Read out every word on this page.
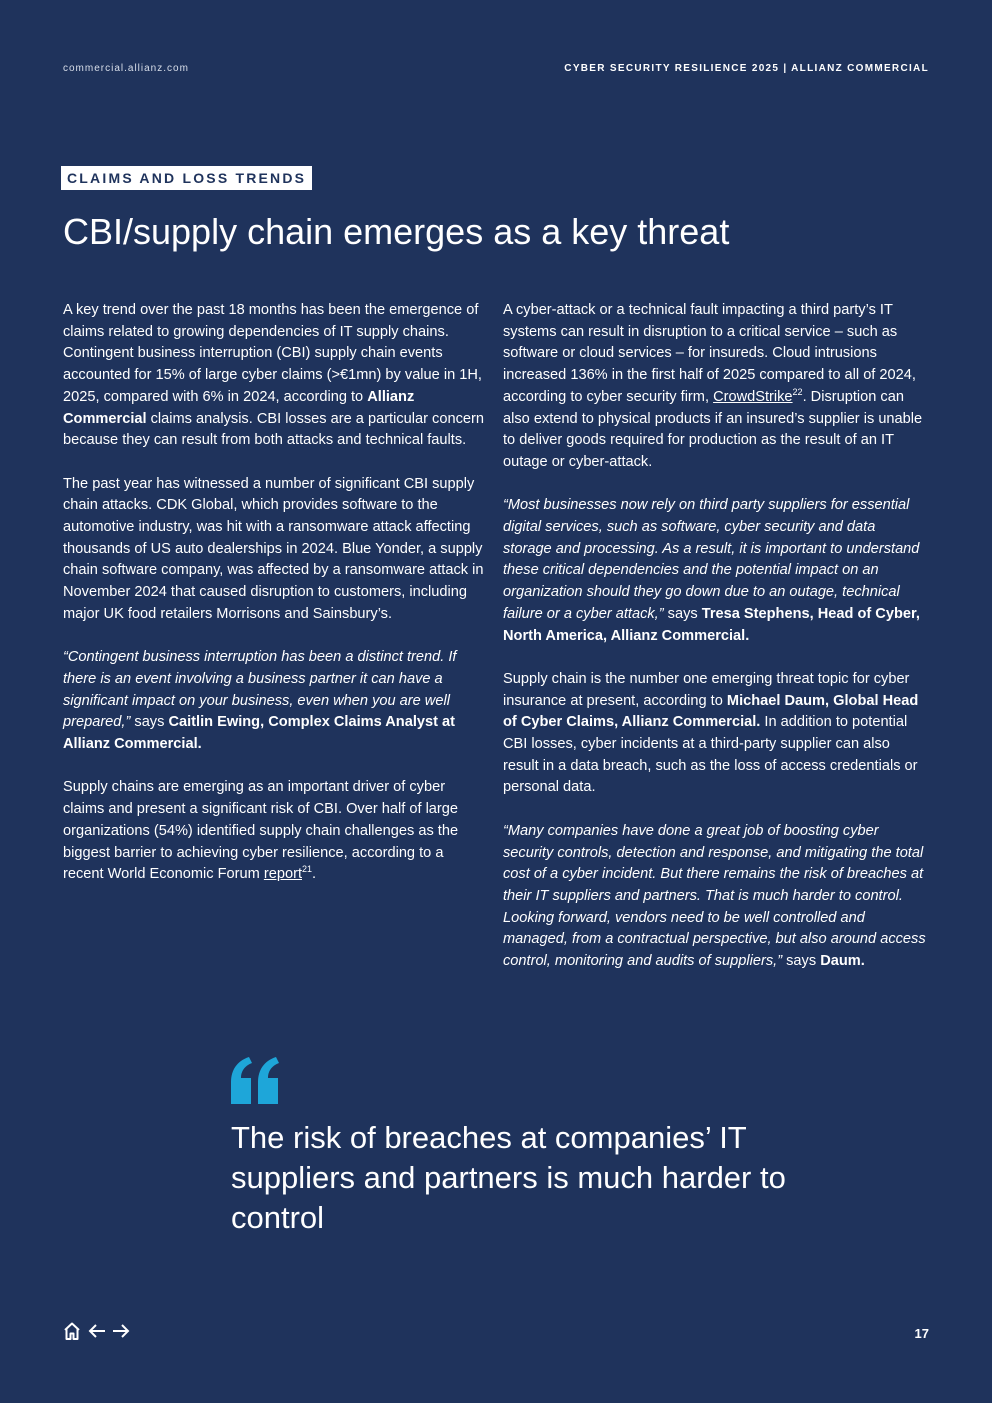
commercial.allianz.com	CYBER SECURITY RESILIENCE 2025 | ALLIANZ COMMERCIAL
CLAIMS AND LOSS TRENDS
CBI/supply chain emerges as a key threat

A key trend over the past 18 months has been the emergence of claims related to growing dependencies of IT supply chains. Contingent business interruption (CBI) supply chain events accounted for 15% of large cyber claims (>€1mn) by value in 1H, 2025, compared with 6% in 2024, according to Allianz Commercial claims analysis. CBI losses are a particular concern because they can result from both attacks and technical faults.

The past year has witnessed a number of significant CBI supply chain attacks. CDK Global, which provides software to the automotive industry, was hit with a ransomware attack affecting thousands of US auto dealerships in 2024. Blue Yonder, a supply chain software company, was affected by a ransomware attack in November 2024 that caused disruption to customers, including major UK food retailers Morrisons and Sainsbury’s.

“Contingent business interruption has been a distinct trend. If there is an event involving a business partner it can have a significant impact on your business, even when you are well prepared,” says Caitlin Ewing, Complex Claims Analyst at Allianz Commercial.

Supply chains are emerging as an important driver of cyber claims and present a significant risk of CBI. Over half of large organizations (54%) identified supply chain challenges as the biggest barrier to achieving cyber resilience, according to a recent World Economic Forum report$^{21}$.

A cyber-attack or a technical fault impacting a third party’s IT systems can result in disruption to a critical service – such as software or cloud services – for insureds. Cloud intrusions increased 136% in the first half of 2025 compared to all of 2024, according to cyber security firm, CrowdStrike$^{22}$. Disruption can also extend to physical products if an insured’s supplier is unable to deliver goods required for production as the result of an IT outage or cyber-attack.

“Most businesses now rely on third party suppliers for essential digital services, such as software, cyber security and data storage and processing. As a result, it is important to understand these critical dependencies and the potential impact on an organization should they go down due to an outage, technical failure or a cyber attack,” says Tresa Stephens, Head of Cyber, North America, Allianz Commercial.

Supply chain is the number one emerging threat topic for cyber insurance at present, according to Michael Daum, Global Head of Cyber Claims, Allianz Commercial. In addition to potential CBI losses, cyber incidents at a third-party supplier can also result in a data breach, such as the loss of access credentials or personal data.

“Many companies have done a great job of boosting cyber security controls, detection and response, and mitigating the total cost of a cyber incident. But there remains the risk of breaches at their IT suppliers and partners. That is much harder to control. Looking forward, vendors need to be well controlled and managed, from a contractual perspective, but also around access control, monitoring and audits of suppliers,” says Daum.

The risk of breaches at companies’ IT suppliers and partners is much harder to control
17
